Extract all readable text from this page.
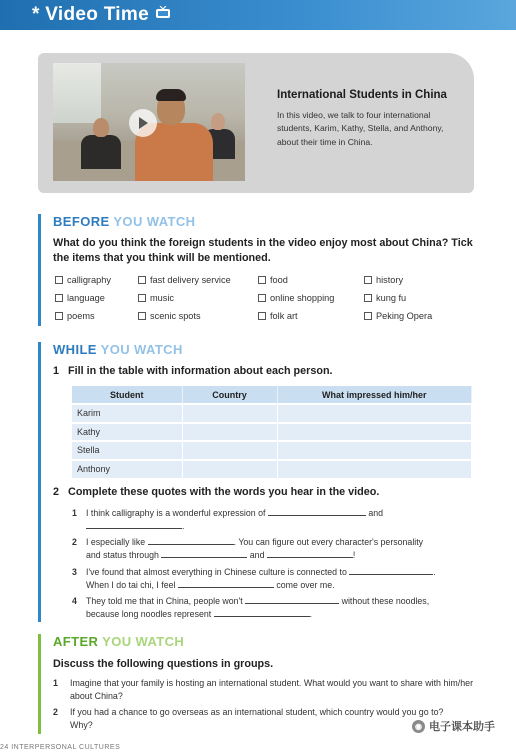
* Video Time
International Students in China
In this video, we talk to four international students, Karim, Kathy, Stella, and Anthony, about their time in China.
BEFORE YOU WATCH
What do you think the foreign students in the video enjoy most about China? Tick the items that you think will be mentioned.
calligraphy	fast delivery service	food	history
language	music	online shopping	kung fu
poems	scenic spots	folk art	Peking Opera
WHILE YOU WATCH
1 Fill in the table with information about each person.
Student	Country	What impressed him/her
Karim		
Kathy		
Stella		
Anthony		
2 Complete these quotes with the words you hear in the video.
1 I think calligraphy is a wonderful expression of	and
.
2 I especially like	. You can figure out every character's personality
and status through	and	!
3 I've found that almost everything in Chinese culture is connected to	.
When I do tai chi, I feel	come over me.
4 They told me that in China, people won't	without these noodles,
because long noodles represent	.
AFTER YOU WATCH
Discuss the following questions in groups.
1 Imagine that your family is hosting an international student. What would you want to share with him/her about China?
2 If you had a chance to go overseas as an international student, which country would you go to? Why?
24 INTERPERSONAL CULTURES
◉ 电子课本助手
